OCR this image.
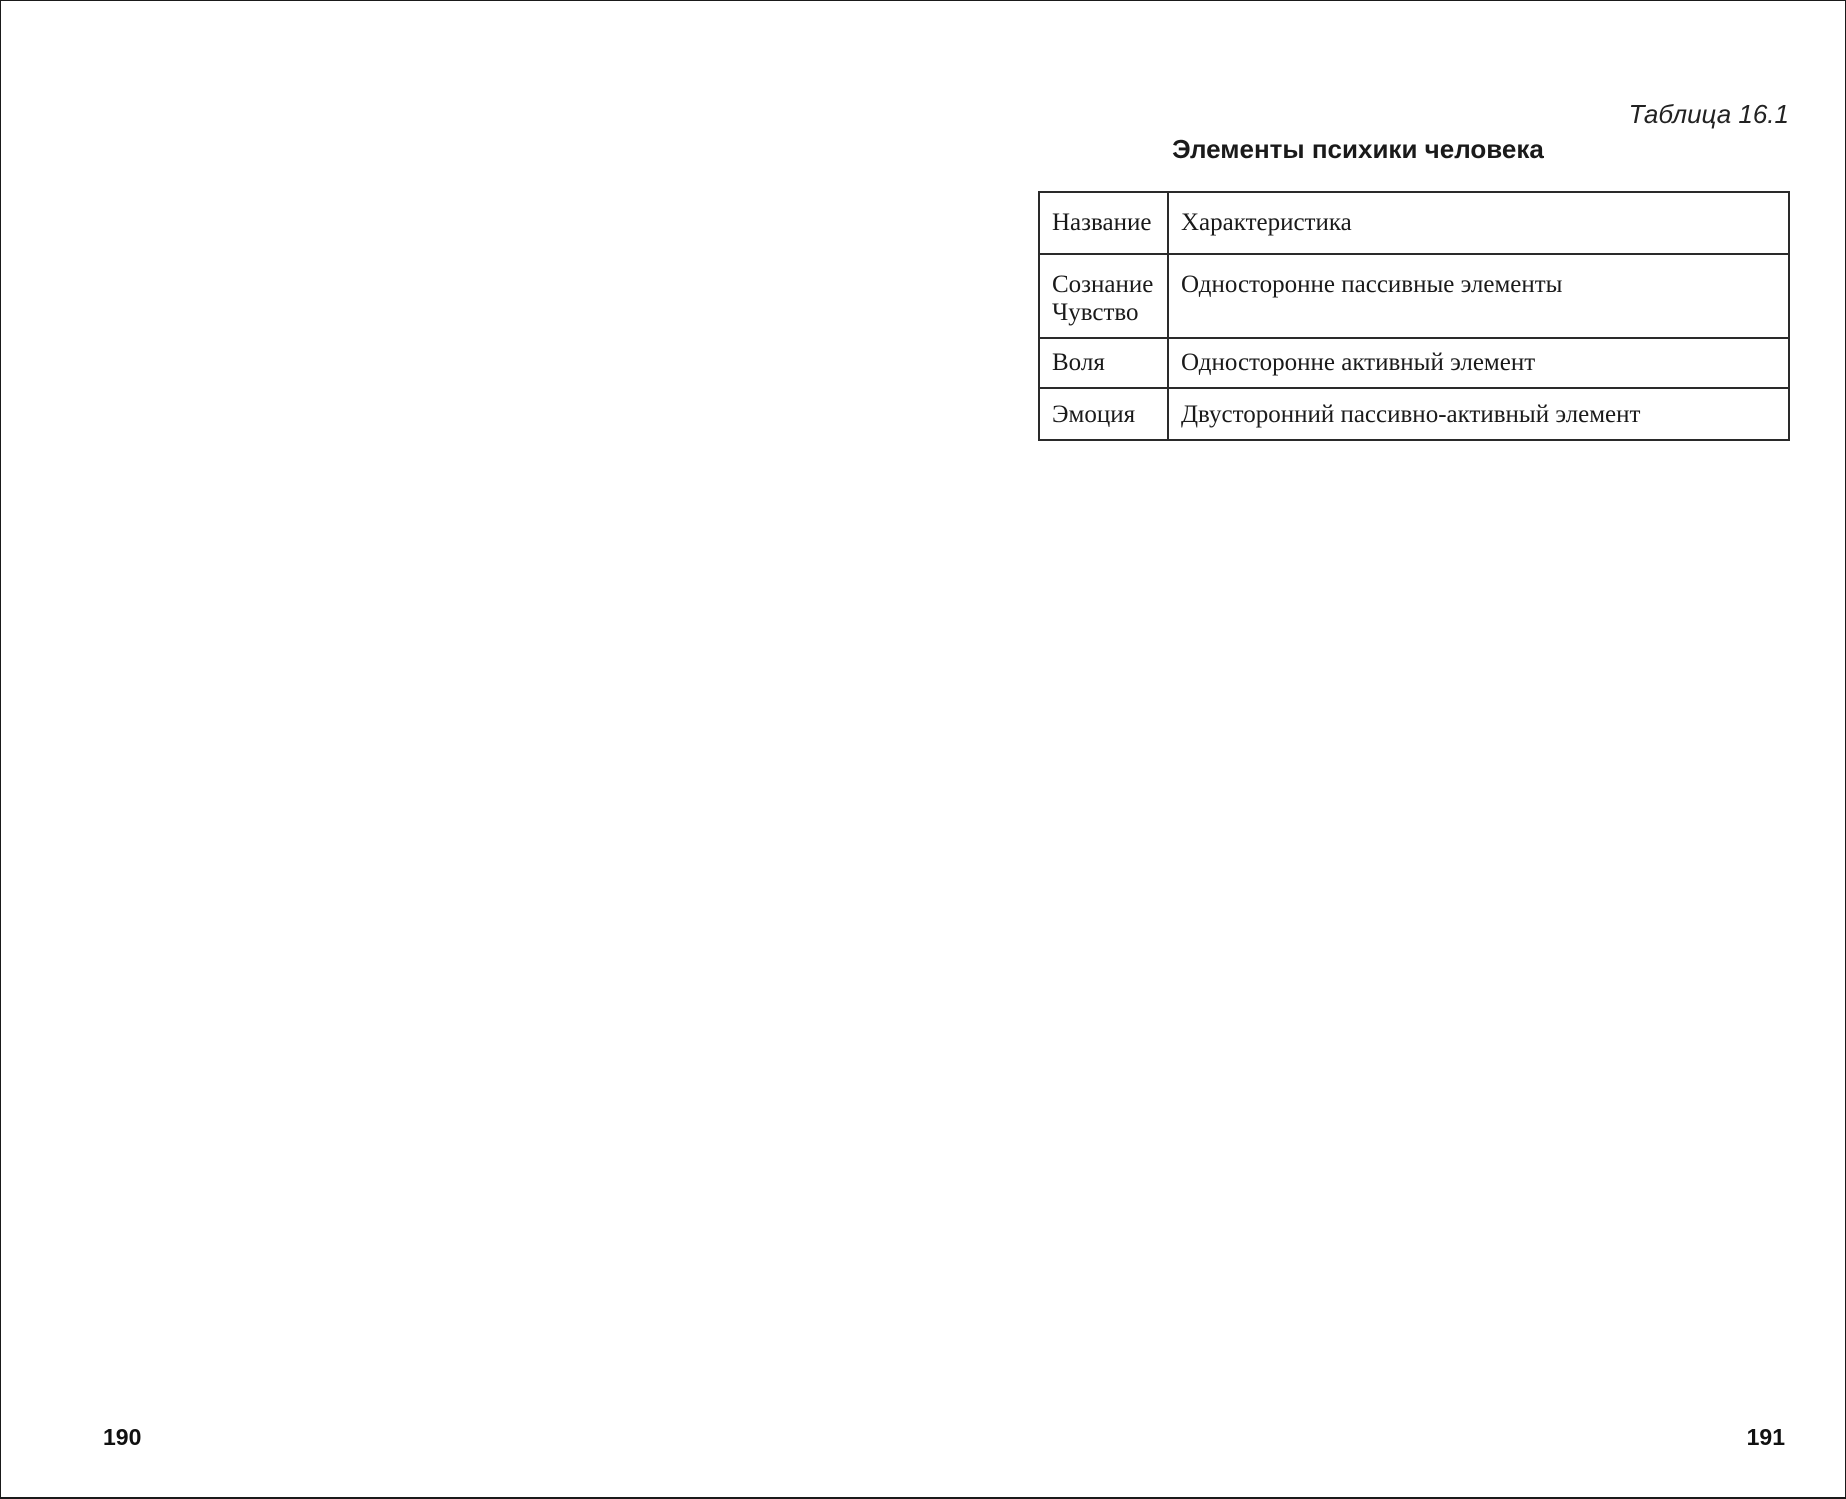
190

Таблица 16.1

Элементы психики человека

Название	Характеристика

Сознание
Чувство	Односторонне пассивные элементы

Воля	Односторонне активный элемент

Эмоция	Двусторонний пассивно-активный элемент

191
